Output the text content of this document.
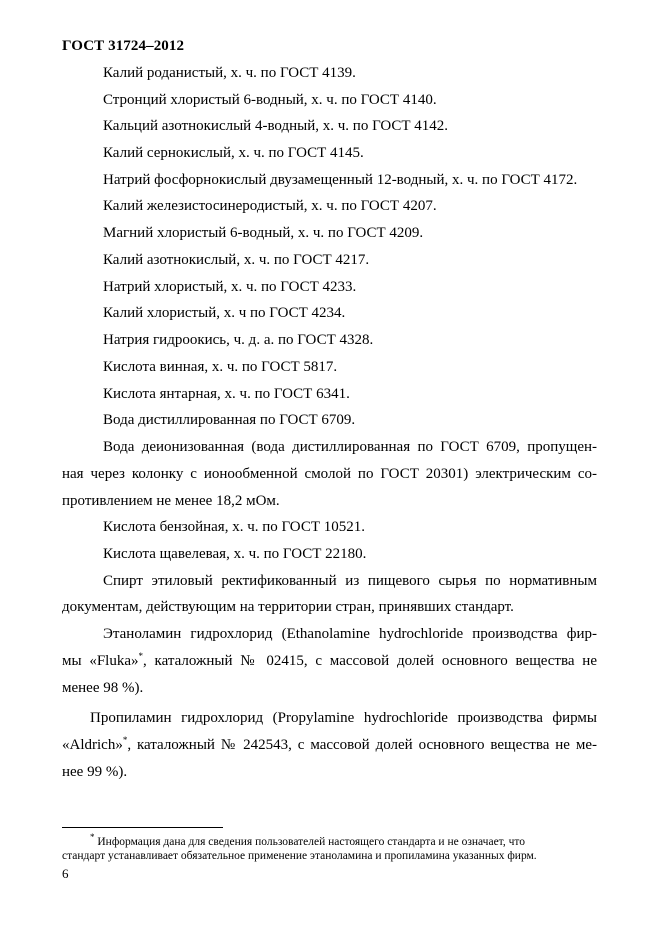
ГОСТ 31724–2012
Калий роданистый, х. ч. по ГОСТ 4139.
Стронций хлористый 6-водный, х. ч. по ГОСТ 4140.
Кальций азотнокислый 4-водный, х. ч. по ГОСТ 4142.
Калий сернокислый, х. ч. по ГОСТ 4145.
Натрий фосфорнокислый двузамещенный 12-водный, х. ч. по ГОСТ 4172.
Калий железистосинеродистый, х. ч. по ГОСТ 4207.
Магний хлористый 6-водный, х. ч. по ГОСТ 4209.
Калий азотнокислый, х. ч. по ГОСТ 4217.
Натрий хлористый, х. ч. по ГОСТ 4233.
Калий хлористый, х. ч по ГОСТ 4234.
Натрия гидроокись, ч. д. а. по ГОСТ 4328.
Кислота винная, х. ч. по ГОСТ 5817.
Кислота янтарная, х. ч. по ГОСТ 6341.
Вода дистиллированная по ГОСТ 6709.
Вода деионизованная (вода дистиллированная по ГОСТ 6709, пропущен-
ная через колонку с ионообменной смолой по ГОСТ 20301) электрическим со-
противлением не менее 18,2 мОм.
Кислота бензойная, х. ч. по ГОСТ 10521.
Кислота щавелевая, х. ч. по ГОСТ 22180.
Спирт этиловый ректификованный из пищевого сырья по нормативным
документам, действующим на территории стран, принявших стандарт.
Этаноламин гидрохлорид (Ethanolamine hydrochloride производства фир-
мы «Fluka»*, каталожный № 02415, с массовой долей основного вещества не
менее 98 %).
Пропиламин гидрохлорид (Propylamine hydrochloride производства фирмы
«Aldrich»*, каталожный № 242543, с массовой долей основного вещества не ме-
нее 99 %).
* Информация дана для сведения пользователей настоящего стандарта и не означает, что
стандарт устанавливает обязательное применение этаноламина и пропиламина указанных фирм.
6
